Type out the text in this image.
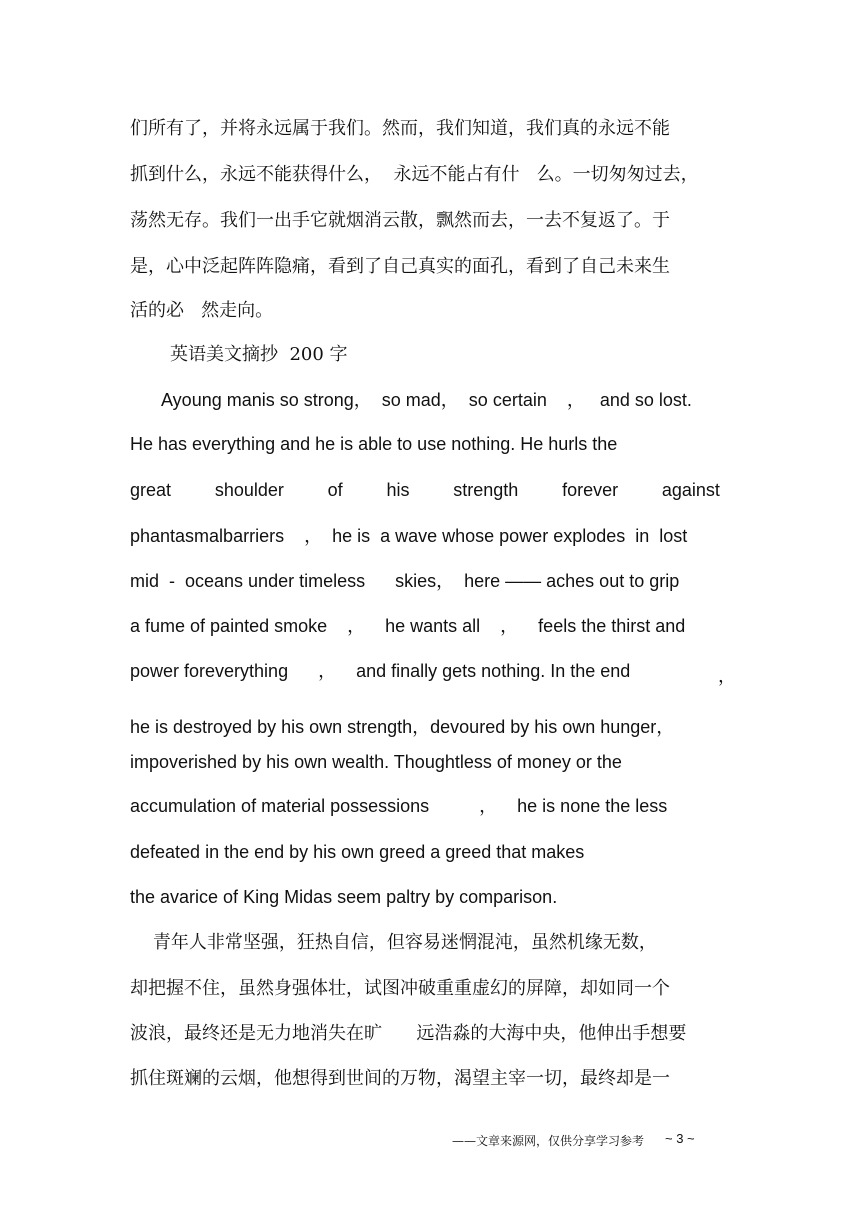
们所有了，并将永远属于我们。然而，我们知道，我们真的永远不能
抓到什么，永远不能获得什么，  永远不能占有什   么。一切匆匆过去，
荡然无存。我们一出手它就烟消云散，飘然而去，一去不复返了。于
是，心中泛起阵阵隐痛，看到了自己真实的面孔，看到了自己未来生
活的必   然走向。
英语美文摘抄  200 字
Ayoung manis so strong，  so mad，  so certain    ，   and so lost.
He has everything and he is able to use nothing. He hurls the
great shoulder of his strength forever against
phantasmalbarriers    ，  he is  a wave whose power explodes  in  lost
mid  -  oceans under timeless      skies，  here —— aches out to grip
a fume of painted smoke    ，    he wants all    ，    feels the thirst and
power foreverything      ，    and finally gets nothing. In the end	，
he is destroyed by his own strength，devoured by his own hunger，
impoverished by his own wealth. Thoughtless of money or the
accumulation of material possessions          ，    he is none the less
defeated in the end by his own greed a greed that makes
the avarice of King Midas seem paltry by comparison.
青年人非常坚强，狂热自信，但容易迷惘混沌，虽然机缘无数，
却把握不住，虽然身强体壮，试图冲破重重虚幻的屏障，却如同一个
波浪，最终还是无力地消失在旷      远浩淼的大海中央，他伸出手想要
抓住斑斓的云烟，他想得到世间的万物，渴望主宰一切，最终却是一
——文章来源网，仅供分享学习参考 ~ 3 ~
